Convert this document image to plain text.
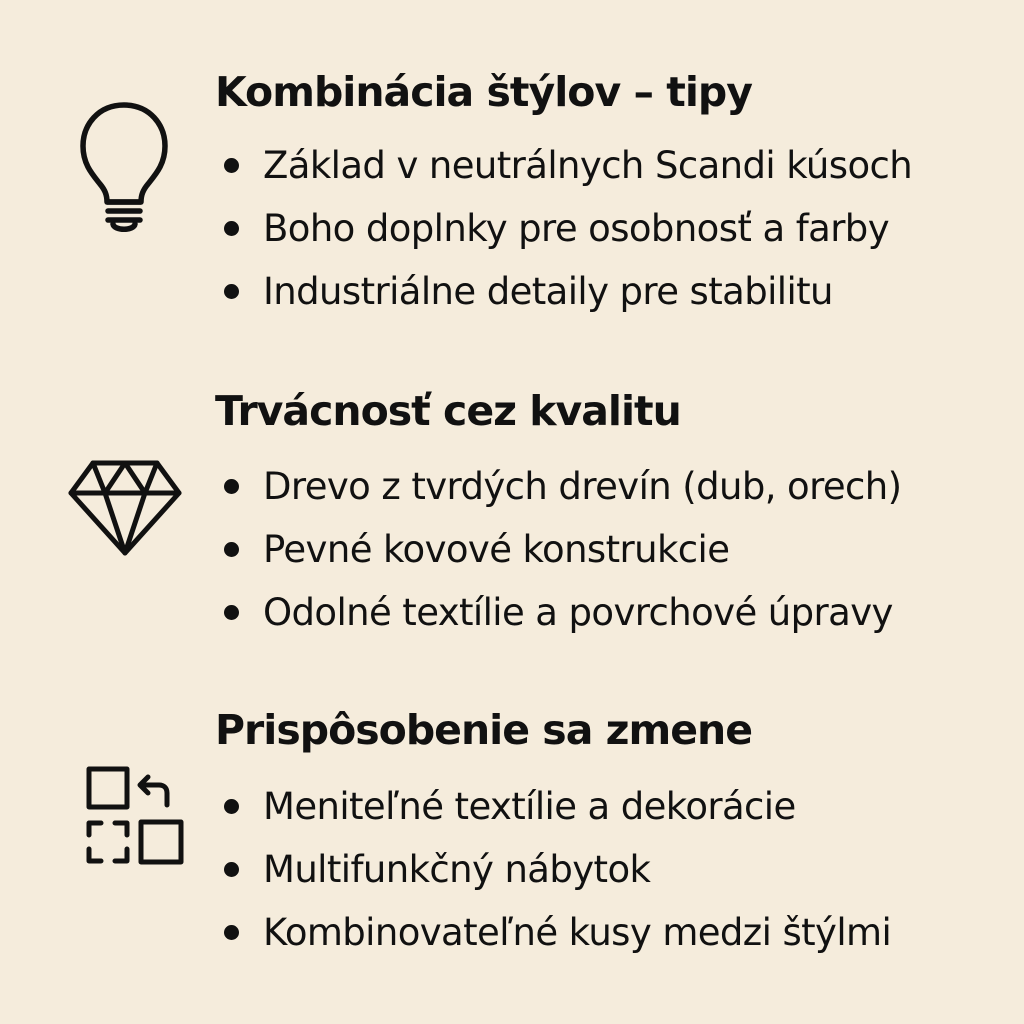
Kombinácia štýlov – tipy
Základ v neutrálnych Scandi kúsoch
Boho doplnky pre osobnosť a farby
Industriálne detaily pre stabilitu
Trvácnosť cez kvalitu
Drevo z tvrdých drevín (dub, orech)
Pevné kovové konstrukcie
Odolné textílie a povrchové úpravy
Prispôsobenie sa zmene
Meniteľné textílie a dekorácie
Multifunkčný nábytok
Kombinovateľné kusy medzi štýlmi
